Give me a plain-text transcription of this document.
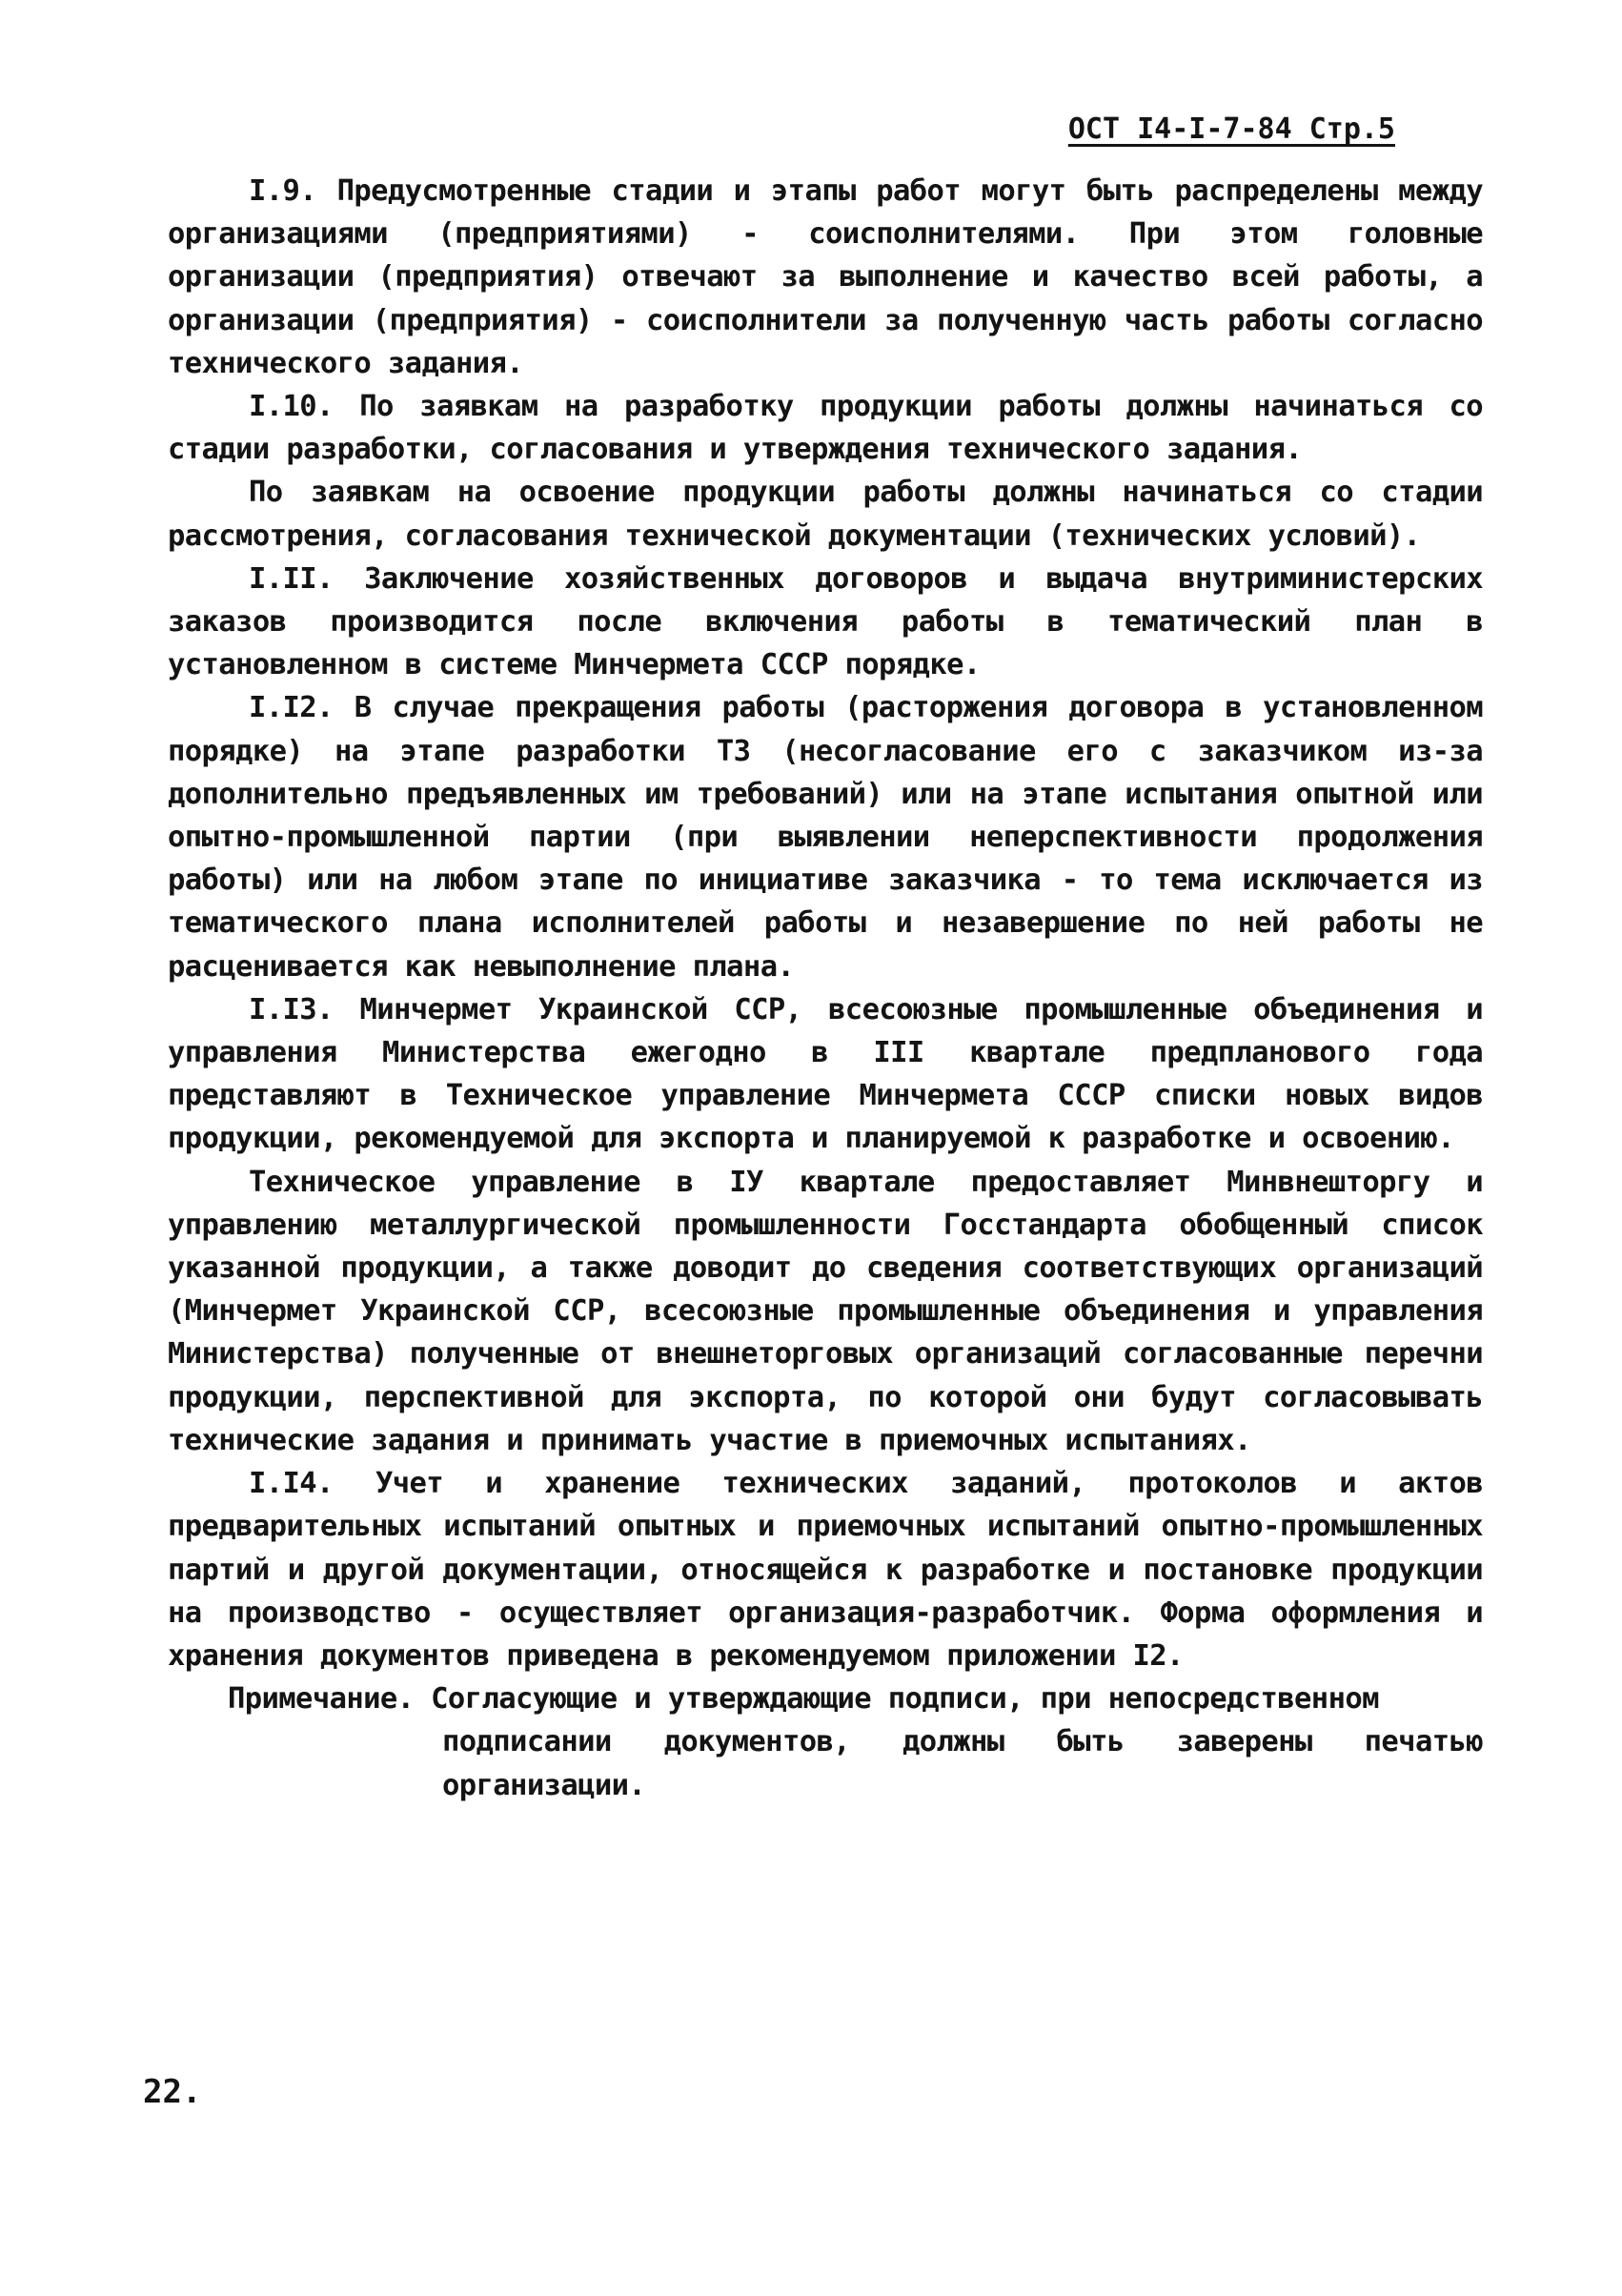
ОСТ I4-I-7-84 Стр.5

I.9. Предусмотренные стадии и этапы работ могут быть распределены между организациями (предприятиями) - соисполнителями. При этом головные организации (предприятия) отвечают за выполнение и качество всей работы, а организации (предприятия) - соисполнители за полученную часть работы согласно технического задания.

I.10. По заявкам на разработку продукции работы должны начинаться со стадии разработки, согласования и утверждения технического задания.

По заявкам на освоение продукции работы должны начинаться со стадии рассмотрения, согласования технической документации (технических условий).

I.II. Заключение хозяйственных договоров и выдача внутриминистерских заказов производится после включения работы в тематический план в установленном в системе Минчермета СССР порядке.

I.I2. В случае прекращения работы (расторжения договора в установленном порядке) на этапе разработки ТЗ (несогласование его с заказчиком из-за дополнительно предъявленных им требований) или на этапе испытания опытной или опытно-промышленной партии (при выявлении неперспективности продолжения работы) или на любом этапе по инициативе заказчика - то тема исключается из тематического плана исполнителей работы и незавершение по ней работы не расценивается как невыполнение плана.

I.I3. Минчермет Украинской ССР, всесоюзные промышленные объединения и управления Министерства ежегодно в III квартале предпланового года представляют в Техническое управление Минчермета СССР списки новых видов продукции, рекомендуемой для экспорта и планируемой к разработке и освоению.

Техническое управление в IУ квартале предоставляет Минвнешторгу и управлению металлургической промышленности Госстандарта обобщенный список указанной продукции, а также доводит до сведения соответствующих организаций (Минчермет Украинской ССР, всесоюзные промышленные объединения и управления Министерства) полученные от внешнеторговых организаций согласованные перечни продукции, перспективной для экспорта, по которой они будут согласовывать технические задания и принимать участие в приемочных испытаниях.

I.I4. Учет и хранение технических заданий, протоколов и актов предварительных испытаний опытных и приемочных испытаний опытно-промышленных партий и другой документации, относящейся к разработке и постановке продукции на производство - осуществляет организация-разработчик. Форма оформления и хранения документов приведена в рекомендуемом приложении I2.

Примечание. Согласующие и утверждающие подписи, при непосредственном

подписании документов, должны быть заверены печатью организации.

22.
